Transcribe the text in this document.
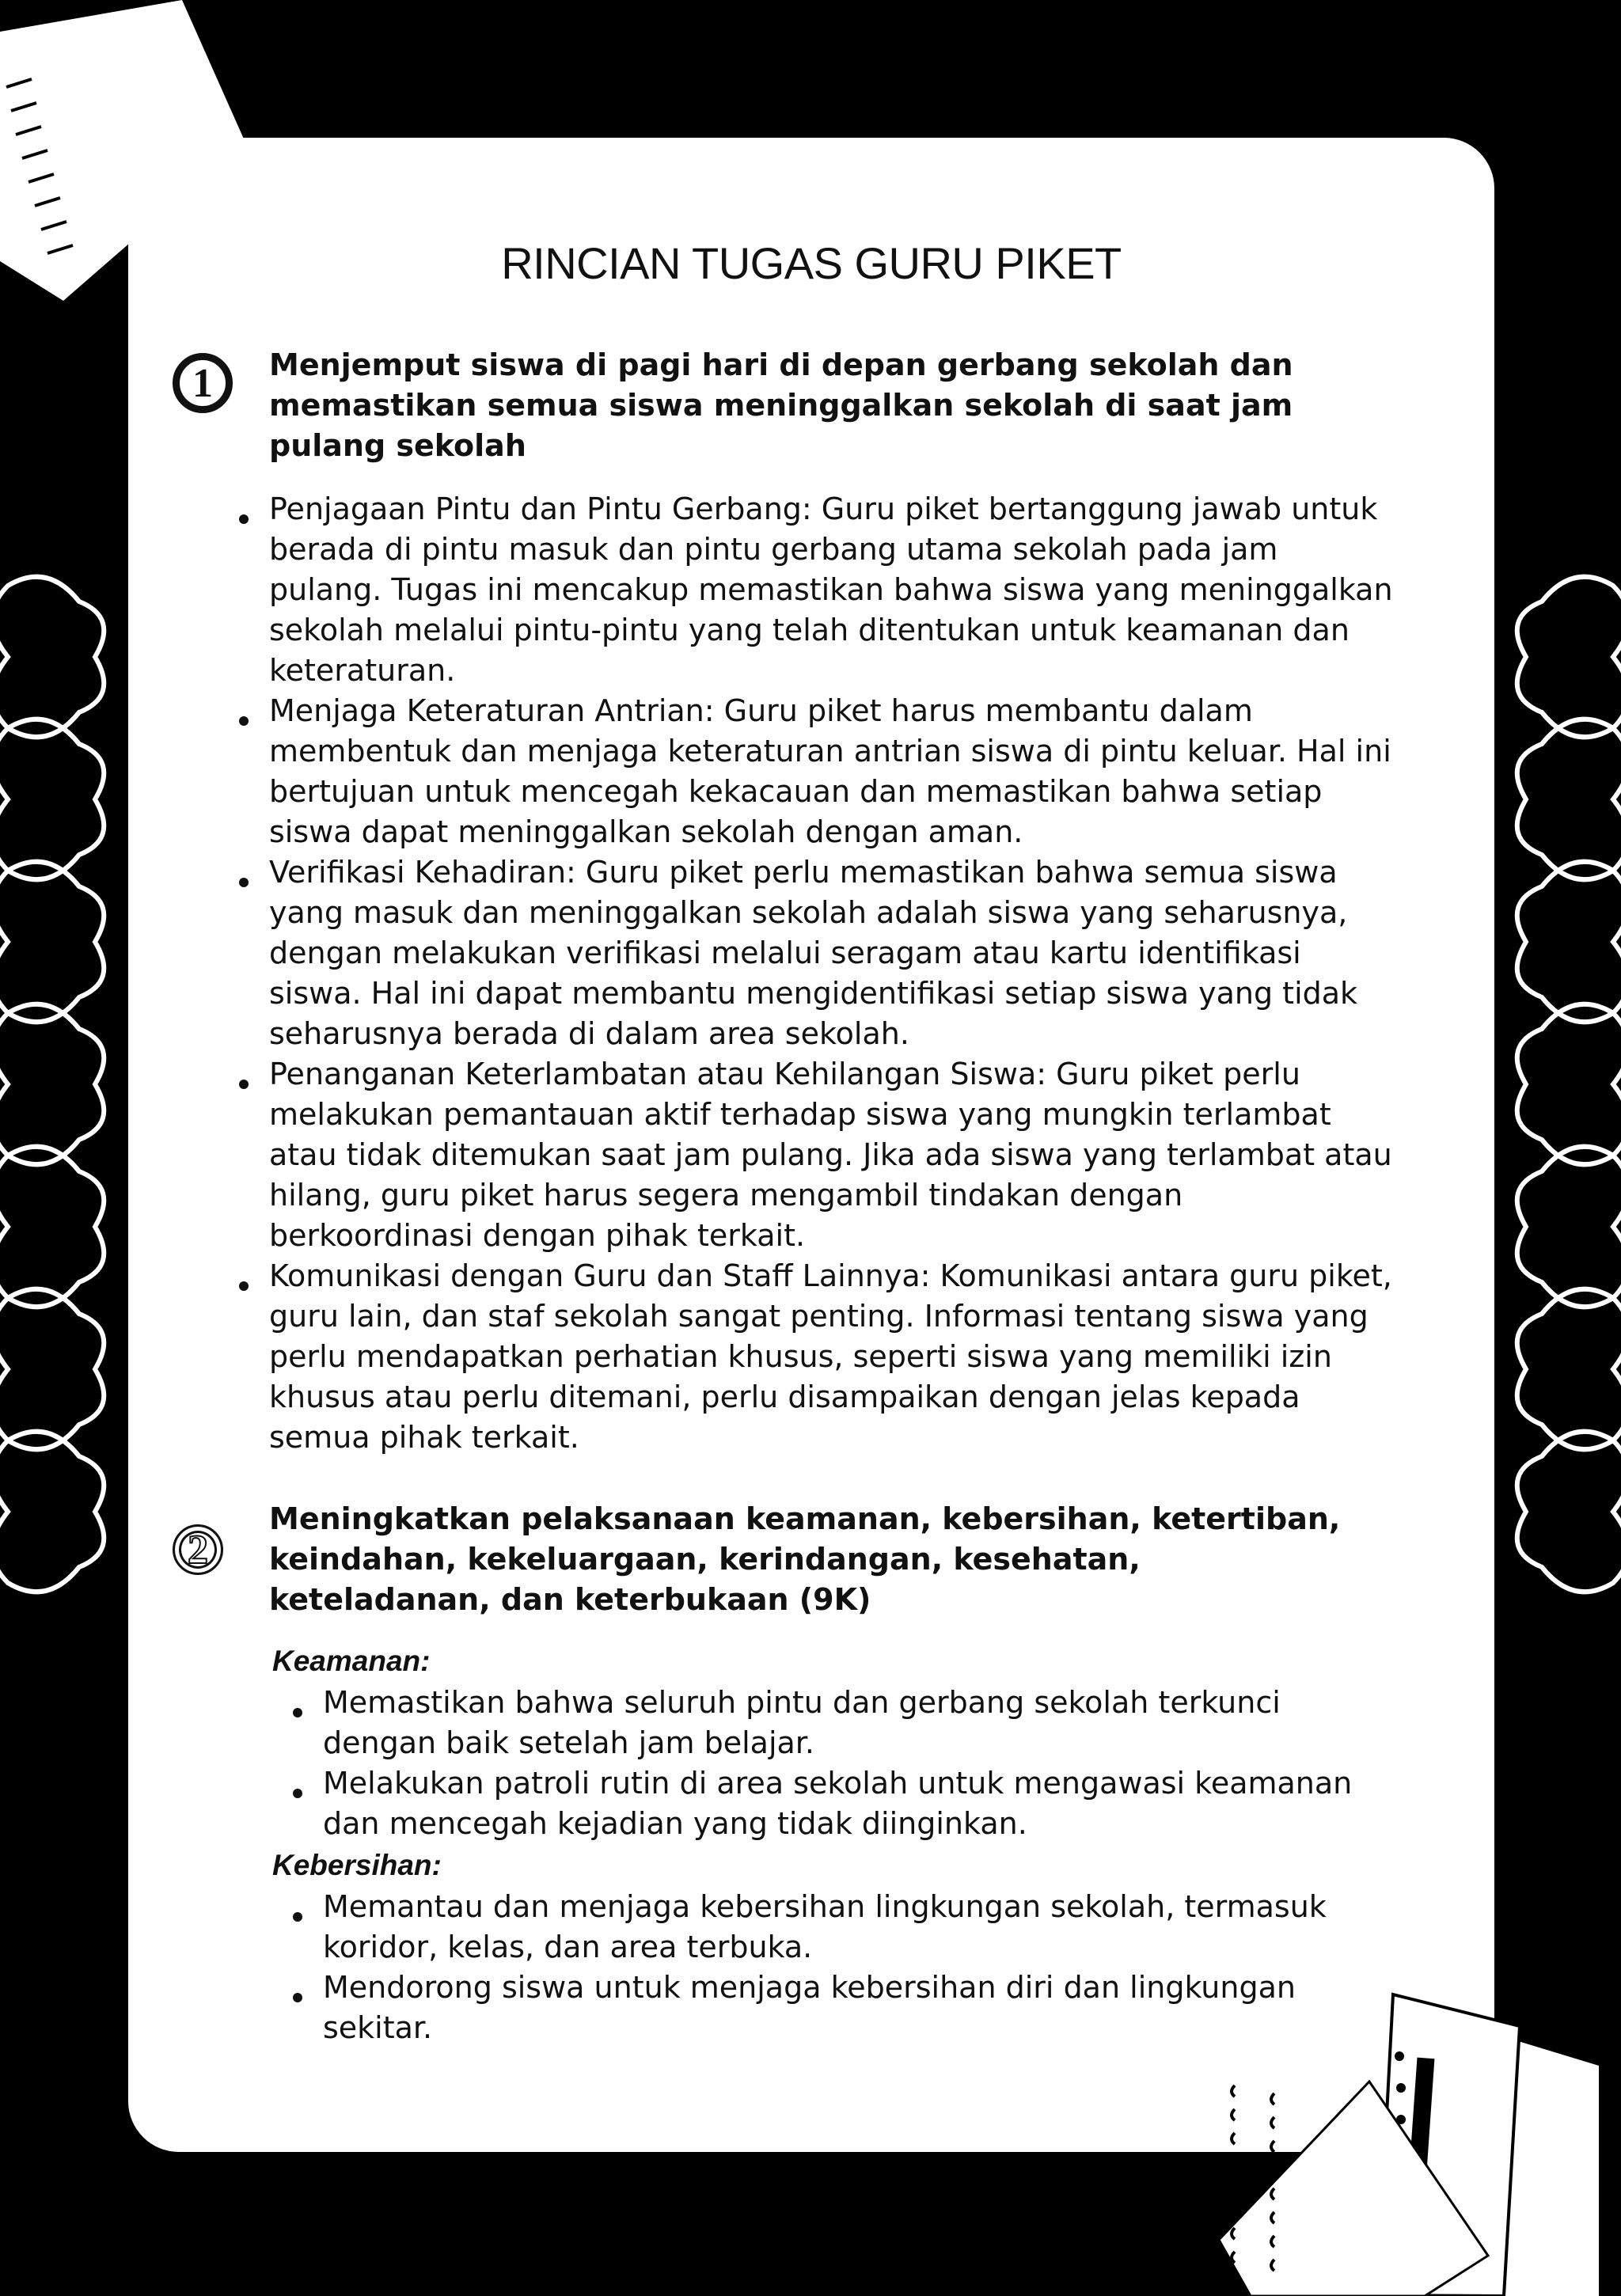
RINCIAN TUGAS GURU PIKET
1	Menjemput siswa di pagi hari di depan gerbang sekolah dan memastikan semua siswa meninggalkan sekolah di saat jam pulang sekolah
Penjagaan Pintu dan Pintu Gerbang: Guru piket bertanggung jawab untuk berada di pintu masuk dan pintu gerbang utama sekolah pada jam pulang. Tugas ini mencakup memastikan bahwa siswa yang meninggalkan sekolah melalui pintu-pintu yang telah ditentukan untuk keamanan dan keteraturan.
Menjaga Keteraturan Antrian: Guru piket harus membantu dalam membentuk dan menjaga keteraturan antrian siswa di pintu keluar. Hal ini bertujuan untuk mencegah kekacauan dan memastikan bahwa setiap siswa dapat meninggalkan sekolah dengan aman.
Verifikasi Kehadiran: Guru piket perlu memastikan bahwa semua siswa yang masuk dan meninggalkan sekolah adalah siswa yang seharusnya, dengan melakukan verifikasi melalui seragam atau kartu identifikasi siswa. Hal ini dapat membantu mengidentifikasi setiap siswa yang tidak seharusnya berada di dalam area sekolah.
Penanganan Keterlambatan atau Kehilangan Siswa: Guru piket perlu melakukan pemantauan aktif terhadap siswa yang mungkin terlambat atau tidak ditemukan saat jam pulang. Jika ada siswa yang terlambat atau hilang, guru piket harus segera mengambil tindakan dengan berkoordinasi dengan pihak terkait.
Komunikasi dengan Guru dan Staff Lainnya: Komunikasi antara guru piket, guru lain, dan staf sekolah sangat penting. Informasi tentang siswa yang perlu mendapatkan perhatian khusus, seperti siswa yang memiliki izin khusus atau perlu ditemani, perlu disampaikan dengan jelas kepada semua pihak terkait.
2
Meningkatkan pelaksanaan keamanan, kebersihan, ketertiban, keindahan, kekeluargaan, kerindangan, kesehatan, keteladanan, dan keterbukaan (9K)
Keamanan:
Memastikan bahwa seluruh pintu dan gerbang sekolah terkunci dengan baik setelah jam belajar.
Melakukan patroli rutin di area sekolah untuk mengawasi keamanan dan mencegah kejadian yang tidak diinginkan.
Kebersihan:
Memantau dan menjaga kebersihan lingkungan sekolah, termasuk koridor, kelas, dan area terbuka.
Mendorong siswa untuk menjaga kebersihan diri dan lingkungan sekitar.
